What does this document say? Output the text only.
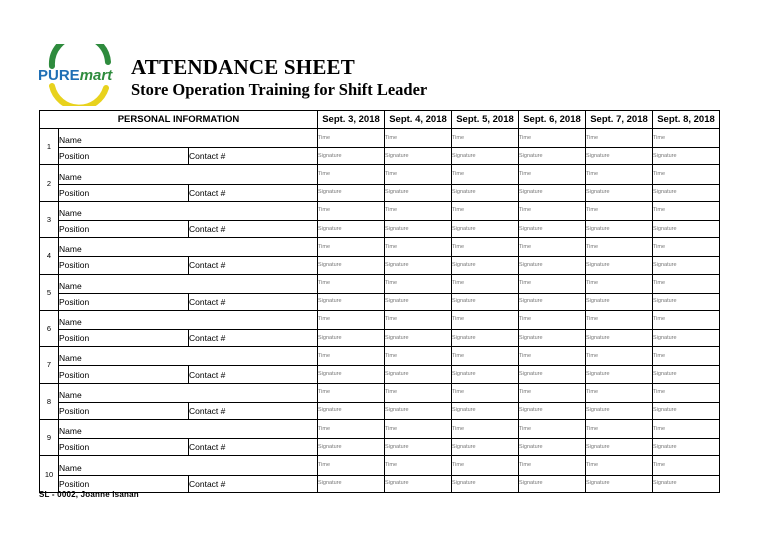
PUREmart ATTENDANCE SHEET
Store Operation Training for Shift Leader
PERSONAL INFORMATION			Sept. 3, 2018	Sept. 4, 2018	Sept. 5, 2018	Sept. 6, 2018	Sept. 7, 2018	Sept. 8, 2018
1	Name		Time	Time	Time	Time	Time	Time
	Position	Contact #	Signature	Signature	Signature	Signature	Signature	Signature
2	Name		Time	Time	Time	Time	Time	Time
	Position	Contact #	Signature	Signature	Signature	Signature	Signature	Signature
3	Name		Time	Time	Time	Time	Time	Time
	Position	Contact #	Signature	Signature	Signature	Signature	Signature	Signature
4	Name		Time	Time	Time	Time	Time	Time
	Position	Contact #	Signature	Signature	Signature	Signature	Signature	Signature
5	Name		Time	Time	Time	Time	Time	Time
	Position	Contact #	Signature	Signature	Signature	Signature	Signature	Signature
6	Name		Time	Time	Time	Time	Time	Time
	Position	Contact #	Signature	Signature	Signature	Signature	Signature	Signature
7	Name		Time	Time	Time	Time	Time	Time
	Position	Contact #	Signature	Signature	Signature	Signature	Signature	Signature
8	Name		Time	Time	Time	Time	Time	Time
	Position	Contact #	Signature	Signature	Signature	Signature	Signature	Signature
9	Name		Time	Time	Time	Time	Time	Time
	Position	Contact #	Signature	Signature	Signature	Signature	Signature	Signature
10	Name		Time	Time	Time	Time	Time	Time
	Position	Contact #	Signature	Signature	Signature	Signature	Signature	Signature
SL - 0002, Joanne Isanan
